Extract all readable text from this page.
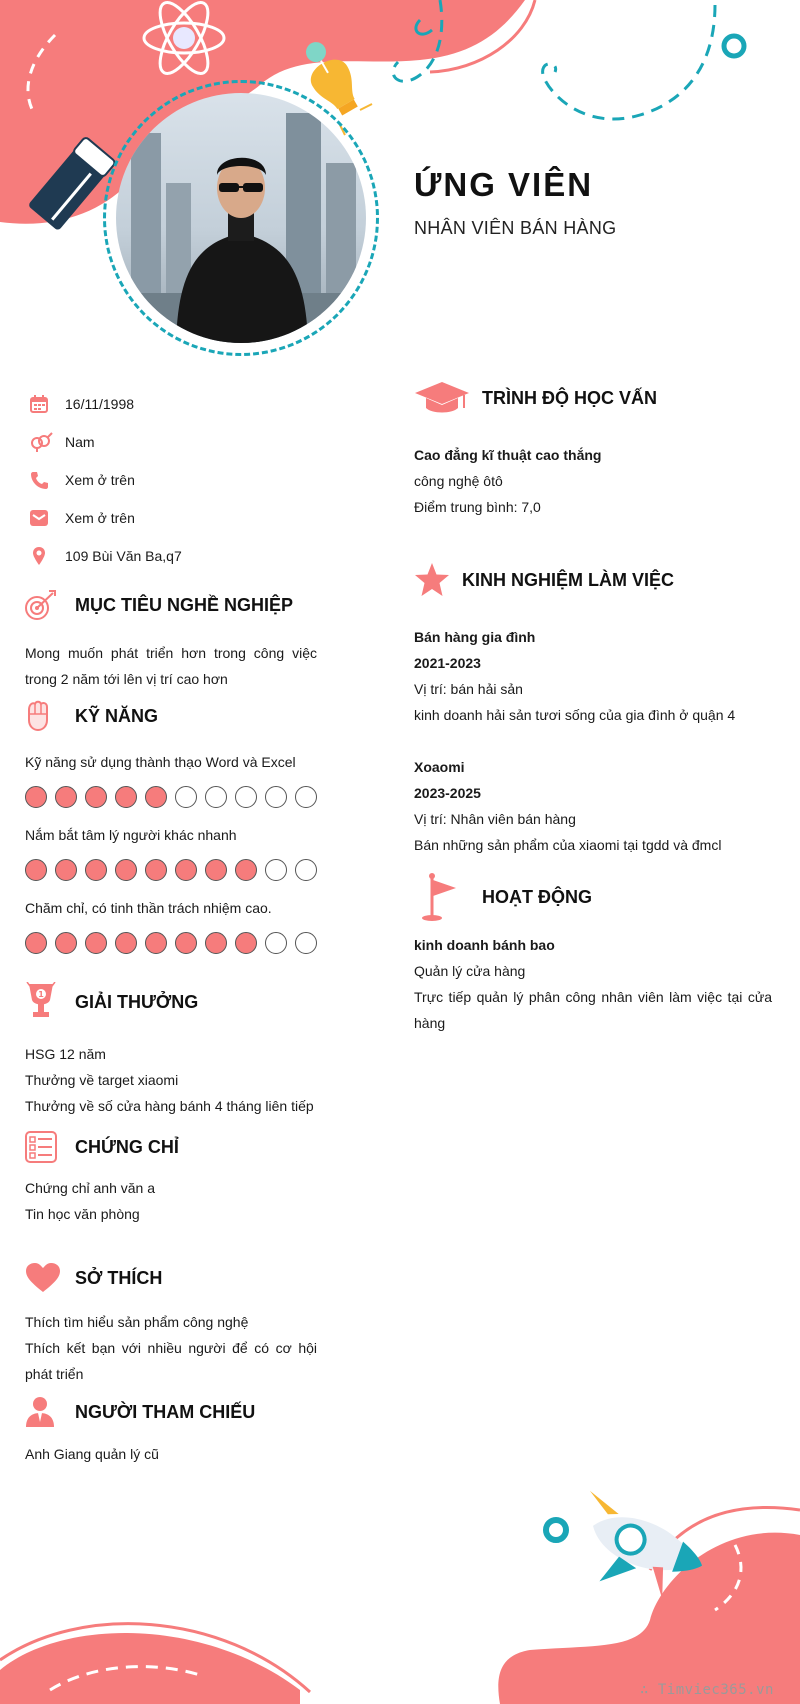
ỨNG VIÊN
NHÂN VIÊN BÁN HÀNG
16/11/1998
Nam
Xem ở trên
Xem ở trên
109 Bùi Văn Ba,q7
MỤC TIÊU NGHỀ NGHIỆP
Mong muốn phát triển hơn trong công việc trong 2 năm tới lên vị trí cao hơn
KỸ NĂNG
Kỹ năng sử dụng thành thạo Word và Excel
Nắm bắt tâm lý người khác nhanh
Chăm chỉ, có tinh thần trách nhiệm cao.
1 GIẢI THƯỞNG
HSG 12 năm
Thưởng về target xiaomi
Thưởng về số cửa hàng bánh 4 tháng liên tiếp
CHỨNG CHỈ
Chứng chỉ anh văn a
Tin học văn phòng
SỞ THÍCH
Thích tìm hiểu sản phẩm công nghệ
Thích kết bạn với nhiều người để có cơ hội phát triển
NGƯỜI THAM CHIẾU
Anh Giang quản lý cũ
TRÌNH ĐỘ HỌC VẤN
Cao đẳng kĩ thuật cao thắng
công nghệ ôtô
Điểm trung bình: 7,0
KINH NGHIỆM LÀM VIỆC
Bán hàng gia đình
2021-2023
Vị trí: bán hải sản
kinh doanh hải sản tươi sống của gia đình ở quận 4
Xoaomi
2023-2025
Vị trí: Nhân viên bán hàng
Bán những sản phẩm của xiaomi tại tgdd và đmcl
HOẠT ĐỘNG
kinh doanh bánh bao
Quản lý cửa hàng
Trực tiếp quản lý phân công nhân viên làm việc tại cửa hàng
∴ Timviec365.vn
